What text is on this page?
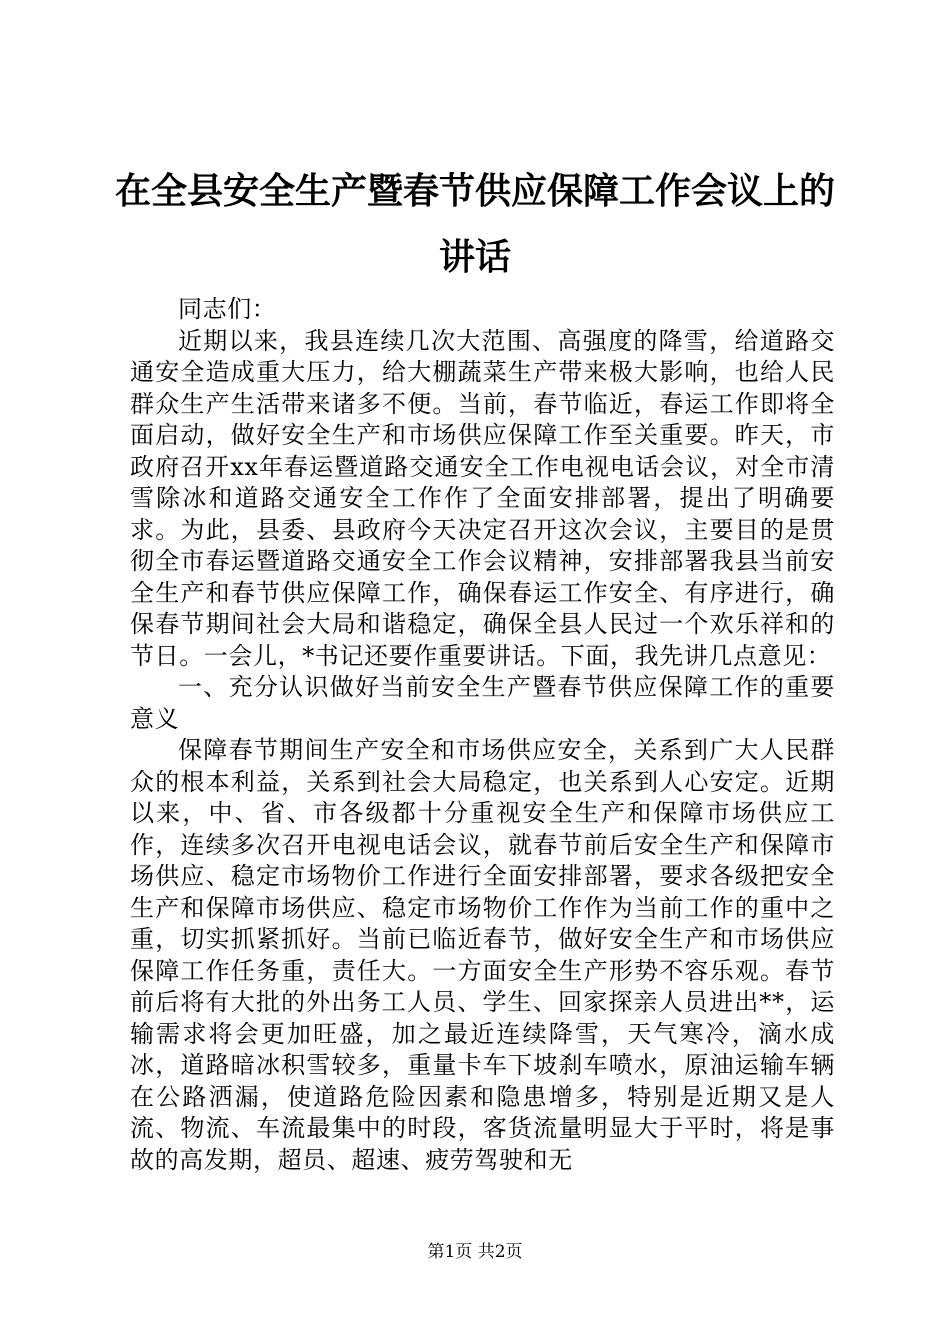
在全县安全生产暨春节供应保障工作会议上的讲话

同志们：

近期以来，我县连续几次大范围、高强度的降雪，给道路交通安全造成重大压力，给大棚蔬菜生产带来极大影响，也给人民群众生产生活带来诸多不便。当前，春节临近，春运工作即将全面启动，做好安全生产和市场供应保障工作至关重要。昨天，市政府召开xx年春运暨道路交通安全工作电视电话会议，对全市清雪除冰和道路交通安全工作作了全面安排部署，提出了明确要求。为此，县委、县政府今天决定召开这次会议，主要目的是贯彻全市春运暨道路交通安全工作会议精神，安排部署我县当前安全生产和春节供应保障工作，确保春运工作安全、有序进行，确保春节期间社会大局和谐稳定，确保全县人民过一个欢乐祥和的节日。一会儿，*书记还要作重要讲话。下面，我先讲几点意见：

一、充分认识做好当前安全生产暨春节供应保障工作的重要意义

保障春节期间生产安全和市场供应安全，关系到广大人民群众的根本利益，关系到社会大局稳定，也关系到人心安定。近期以来，中、省、市各级都十分重视安全生产和保障市场供应工作，连续多次召开电视电话会议，就春节前后安全生产和保障市场供应、稳定市场物价工作进行全面安排部署，要求各级把安全生产和保障市场供应、稳定市场物价工作作为当前工作的重中之重，切实抓紧抓好。当前已临近春节，做好安全生产和市场供应保障工作任务重，责任大。一方面安全生产形势不容乐观。春节前后将有大批的外出务工人员、学生、回家探亲人员进出**，运输需求将会更加旺盛，加之最近连续降雪，天气寒冷，滴水成冰，道路暗冰积雪较多，重量卡车下坡刹车喷水，原油运输车辆在公路洒漏，使道路危险因素和隐患增多，特别是近期又是人流、物流、车流最集中的时段，客货流量明显大于平时，将是事故的高发期，超员、超速、疲劳驾驶和无

第1页 共2页
